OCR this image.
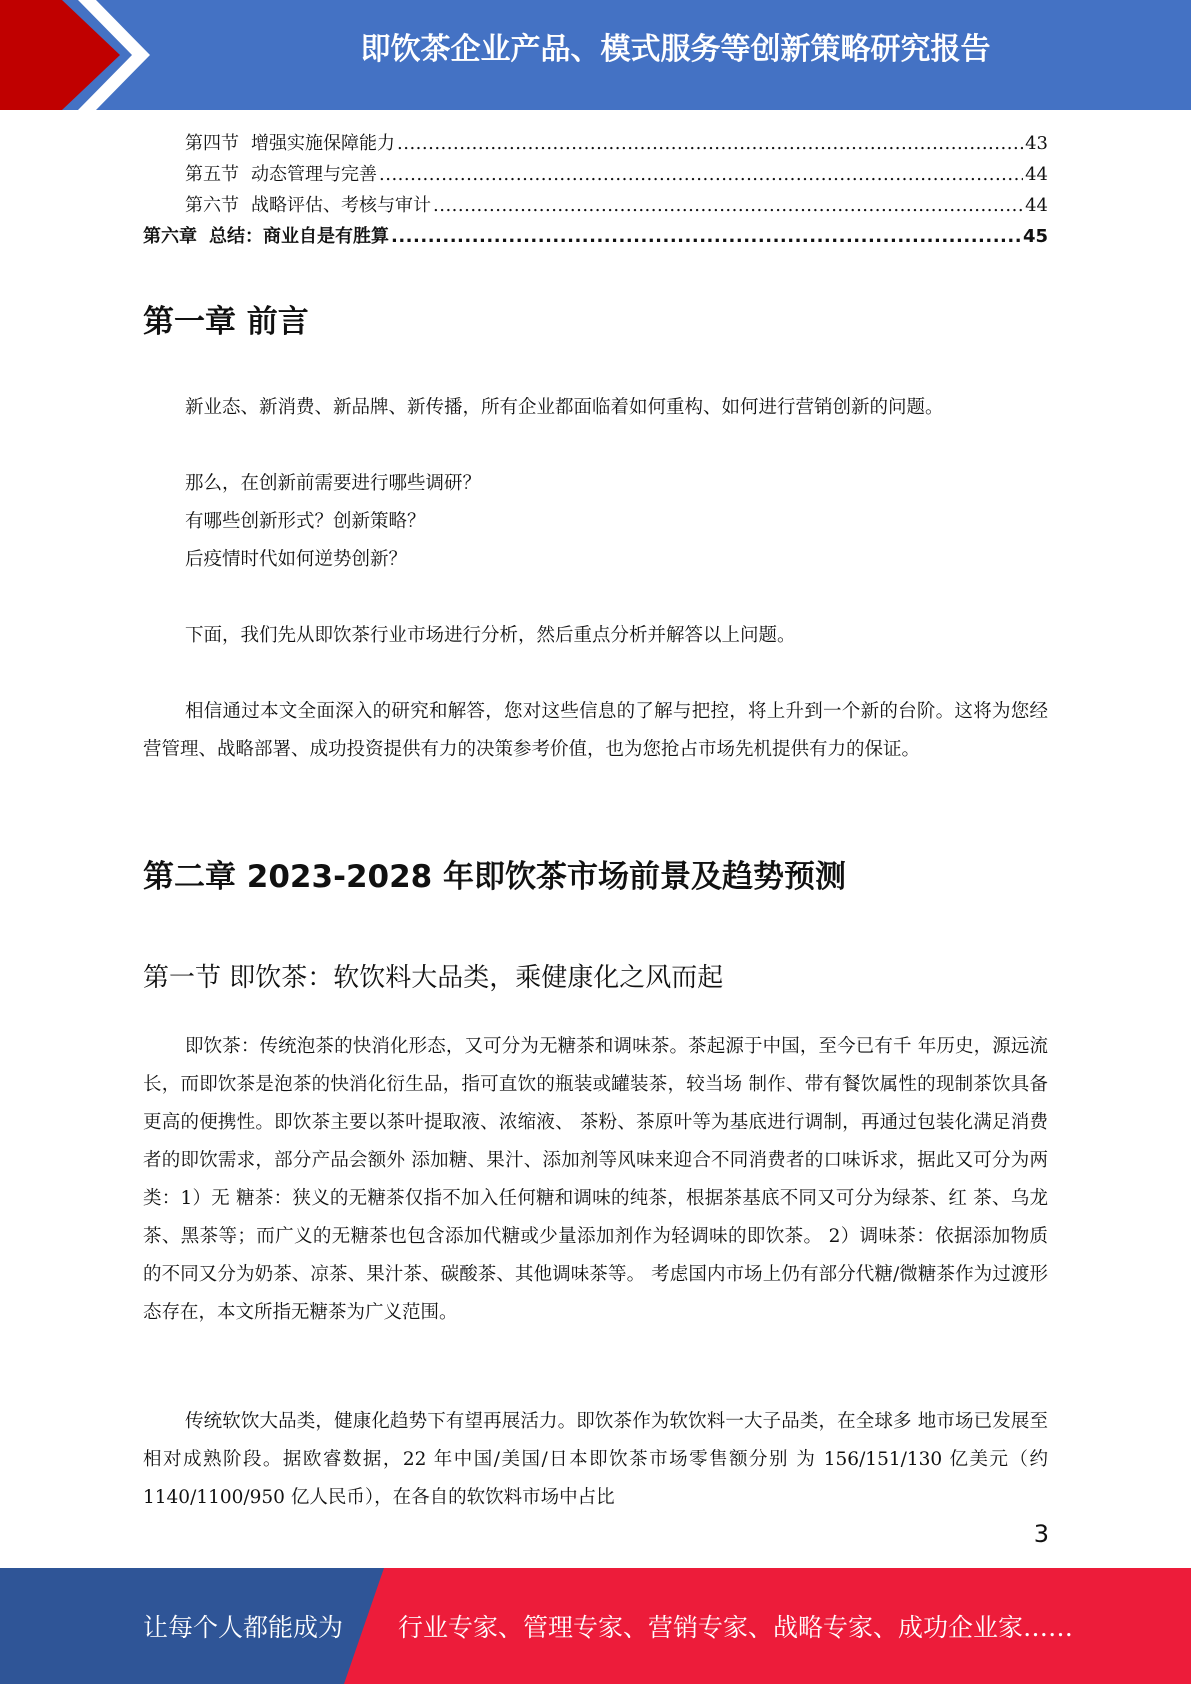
即饮茶企业产品、模式服务等创新策略研究报告
第四节 增强实施保障能力 .....	43
第五节 动态管理与完善 .....	44
第六节 战略评估、考核与审计 .....	44
第六章 总结：商业自是有胜算 .....	45
第一章 前言

新业态、新消费、新品牌、新传播，所有企业都面临着如何重构、如何进行营销创新的问题。

那么，在创新前需要进行哪些调研？

有哪些创新形式？创新策略？

后疫情时代如何逆势创新？

下面，我们先从即饮茶行业市场进行分析，然后重点分析并解答以上问题。

相信通过本文全面深入的研究和解答，您对这些信息的了解与把控，将上升到一个新的台阶。这将为您经营管理、战略部署、成功投资提供有力的决策参考价值，也为您抢占市场先机提供有力的保证。

第二章 2023-2028 年即饮茶市场前景及趋势预测
第一节 即饮茶：软饮料大品类，乘健康化之风而起

即饮茶：传统泡茶的快消化形态，又可分为无糖茶和调味茶。茶起源于中国，至今已有千 年历史，源远流长，而即饮茶是泡茶的快消化衍生品，指可直饮的瓶装或罐装茶，较当场 制作、带有餐饮属性的现制茶饮具备更高的便携性。即饮茶主要以茶叶提取液、浓缩液、 茶粉、茶原叶等为基底进行调制，再通过包装化满足消费者的即饮需求，部分产品会额外 添加糖、果汁、添加剂等风味来迎合不同消费者的口味诉求，据此又可分为两类：1）无 糖茶：狭义的无糖茶仅指不加入任何糖和调味的纯茶，根据茶基底不同又可分为绿茶、红 茶、乌龙茶、黑茶等；而广义的无糖茶也包含添加代糖或少量添加剂作为轻调味的即饮茶。 2）调味茶：依据添加物质的不同又分为奶茶、凉茶、果汁茶、碳酸茶、其他调味茶等。 考虑国内市场上仍有部分代糖/微糖茶作为过渡形态存在，本文所指无糖茶为广义范围。

传统软饮大品类，健康化趋势下有望再展活力。即饮茶作为软饮料一大子品类，在全球多 地市场已发展至相对成熟阶段。据欧睿数据，22 年中国/美国/日本即饮茶市场零售额分别 为 156/151/130 亿美元（约 1140/1100/950 亿人民币），在各自的软饮料市场中占比

3
让每个人都能成为 行业专家、管理专家、营销专家、战略专家、成功企业家……
